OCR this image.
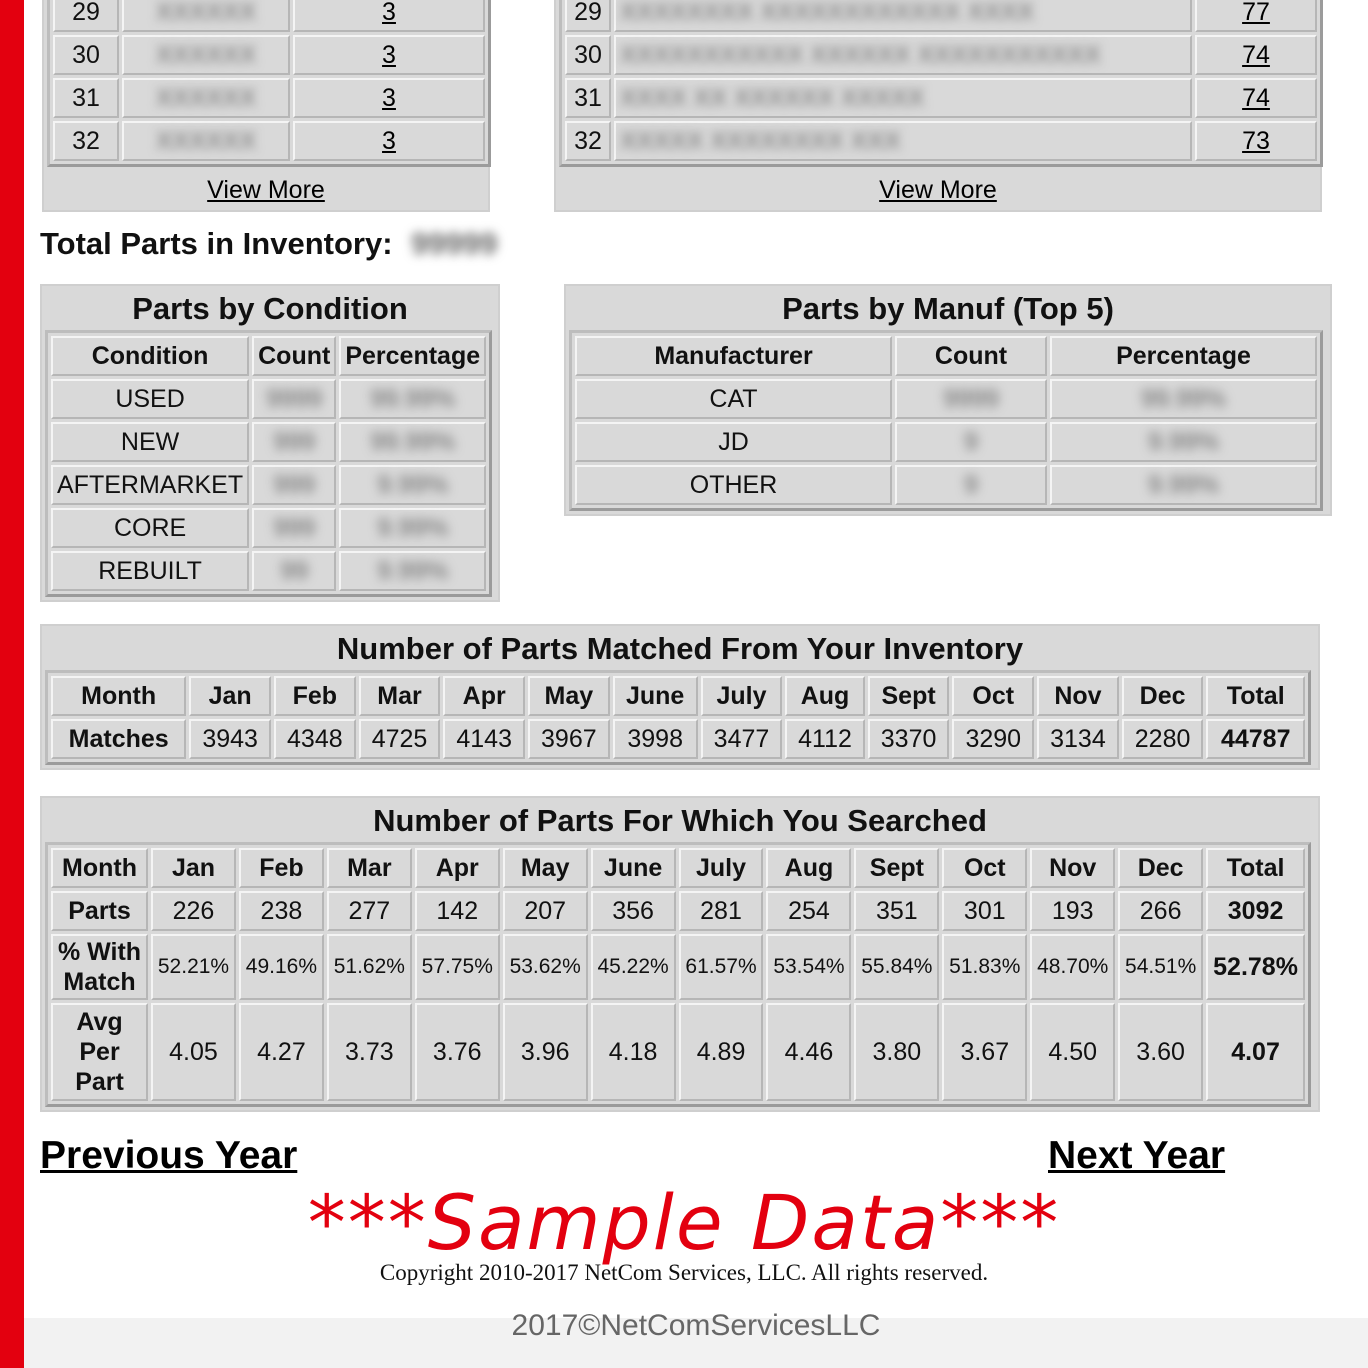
29	XXXXXX	3
30	XXXXXX	3
31	XXXXXX	3
32	XXXXXX	3
View More
29	XXXXXXXX XXXXXXXXXXXX XXXX	77
30	XXXXXXXXXXX XXXXXX XXXXXXXXXXX	74
31	XXXX XX XXXXXX XXXXX	74
32	XXXXX XXXXXXXX XXX	73
View More
Total Parts in Inventory: 99999
Parts by Condition
Condition	Count	Percentage
USED	9999	99.99%
NEW	999	99.99%
AFTERMARKET	999	9.99%
CORE	999	9.99%
REBUILT	99	9.99%
Parts by Manuf (Top 5)
Manufacturer	Count	Percentage
CAT	9999	99.99%
JD	9	9.99%
OTHER	9	9.99%
Number of Parts Matched From Your Inventory
Month	Jan	Feb	Mar	Apr	May	June	July	Aug	Sept	Oct	Nov	Dec	Total
Matches	3943	4348	4725	4143	3967	3998	3477	4112	3370	3290	3134	2280	44787
Number of Parts For Which You Searched
Month	Jan	Feb	Mar	Apr	May	June	July	Aug	Sept	Oct	Nov	Dec	Total
Parts	226	238	277	142	207	356	281	254	351	301	193	266	3092
% With
Match	52.21%	49.16%	51.62%	57.75%	53.62%	45.22%	61.57%	53.54%	55.84%	51.83%	48.70%	54.51%	52.78%
Avg
Per
Part	4.05	4.27	3.73	3.76	3.96	4.18	4.89	4.46	3.80	3.67	4.50	3.60	4.07
Previous Year	Next Year
***Sample Data***
Copyright 2010-2017 NetCom Services, LLC. All rights reserved.
2017©NetComServicesLLC
